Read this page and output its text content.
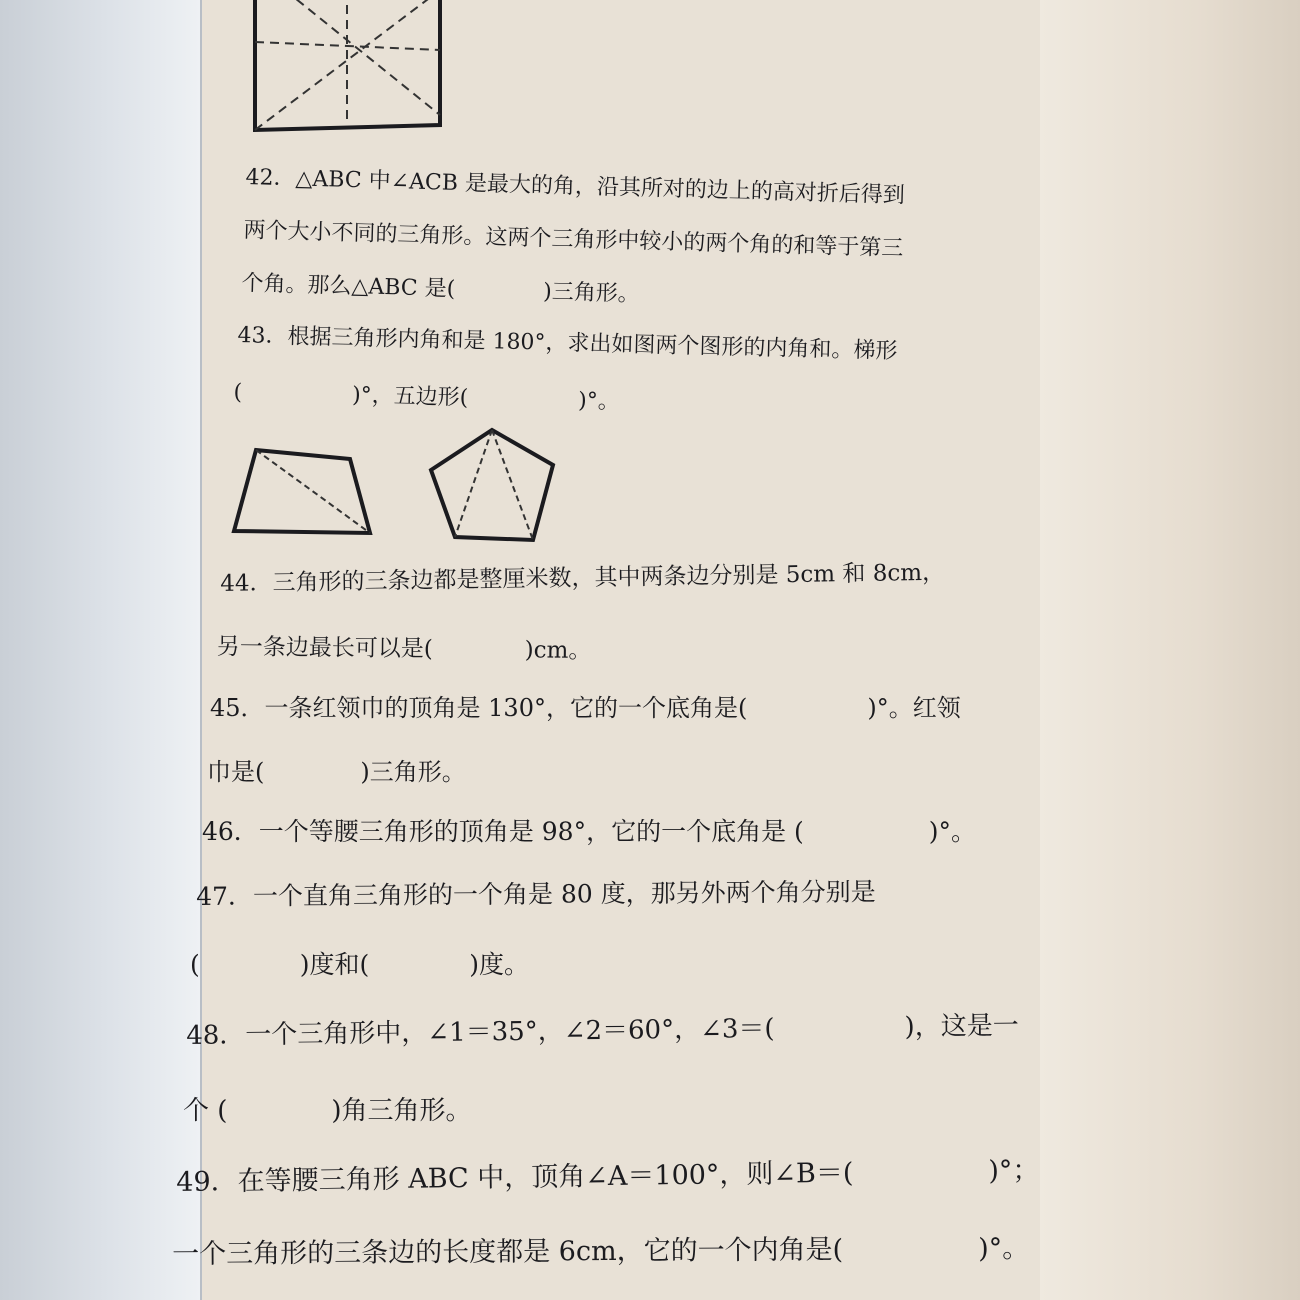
42．△ABC 中∠ACB 是最大的角，沿其所对的边上的高对折后得到
两个大小不同的三角形。这两个三角形中较小的两个角的和等于第三
个角。那么△ABC 是(　　　　)三角形。
43．根据三角形内角和是 180°，求出如图两个图形的内角和。梯形
(　　　　　)°，五边形(　　　　　)°。
44．三角形的三条边都是整厘米数，其中两条边分别是 5cm 和 8cm，
另一条边最长可以是(　　　　)cm。
45．一条红领巾的顶角是 130°，它的一个底角是(　　　　　)°。红领
巾是(　　　　)三角形。
46．一个等腰三角形的顶角是 98°，它的一个底角是 (　　　　　)°。
47．一个直角三角形的一个角是 80 度，那另外两个角分别是
(　　　　)度和(　　　　)度。
48．一个三角形中，∠1＝35°，∠2＝60°，∠3＝(　　　　　)，这是一
个 (　　　　)角三角形。
49．在等腰三角形 ABC 中，顶角∠A＝100°，则∠B＝(　　　　　)°；
一个三角形的三条边的长度都是 6cm，它的一个内角是(　　　　　)°。
